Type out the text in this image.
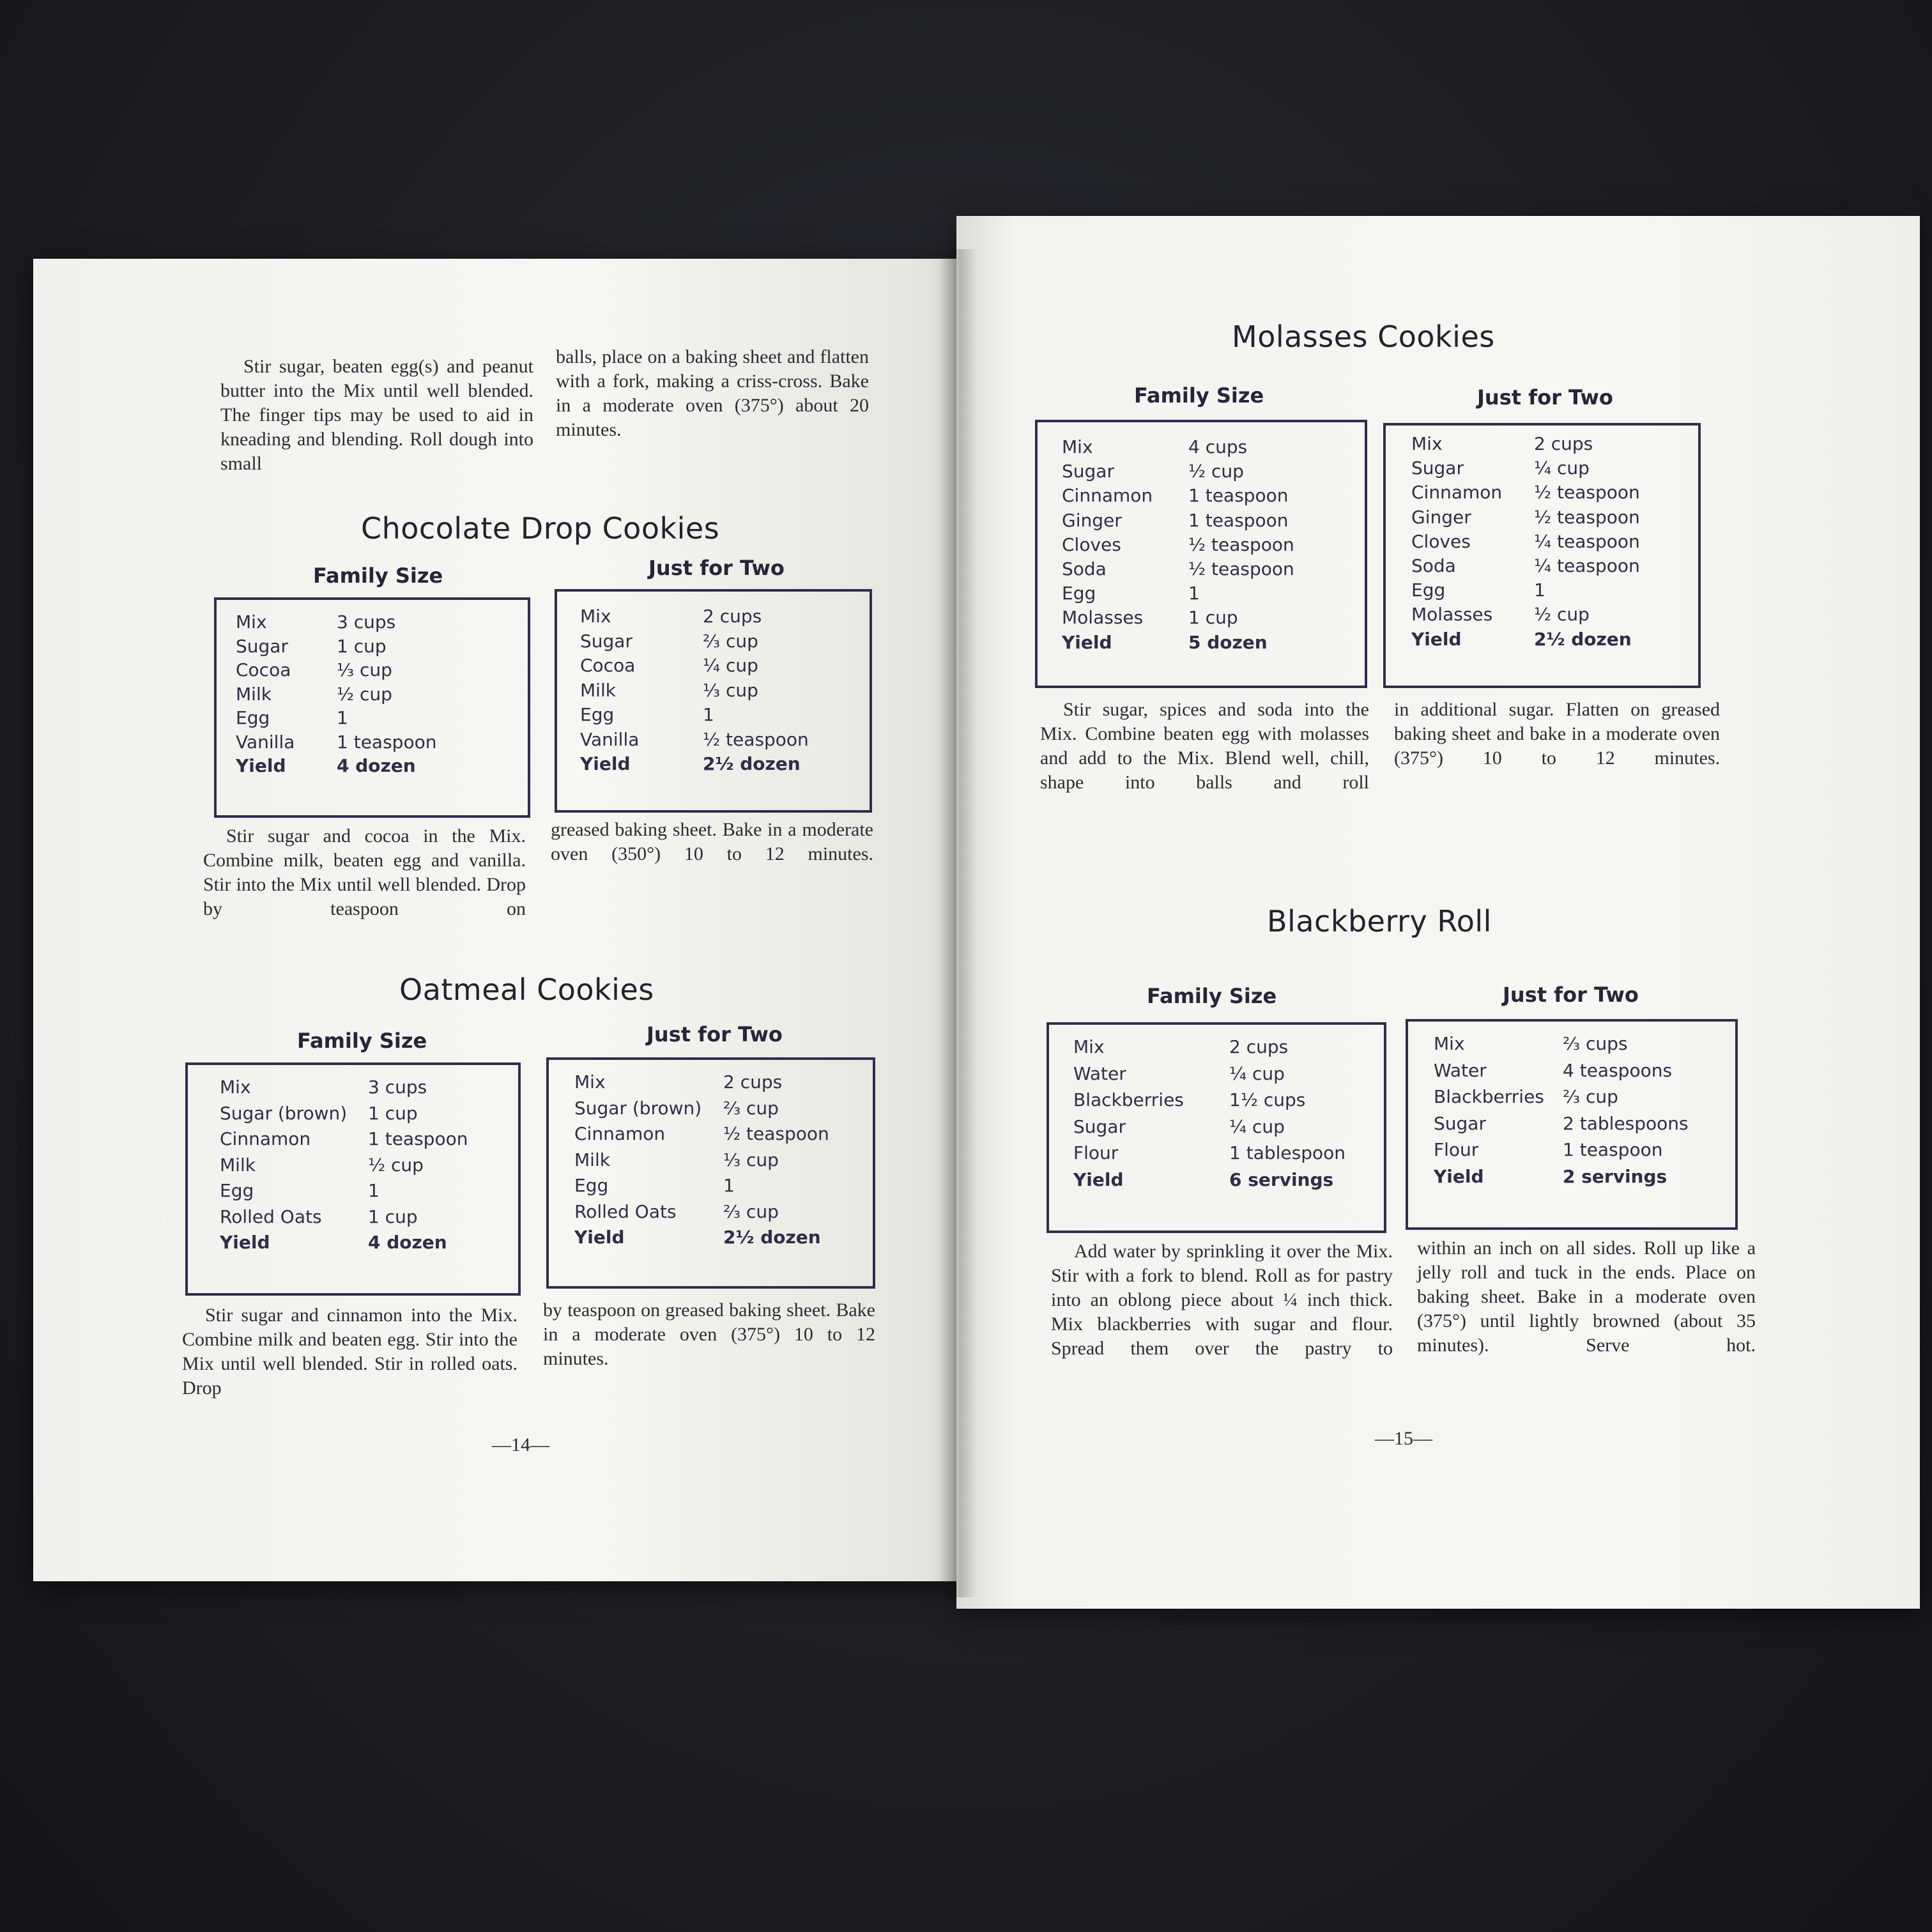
Stir sugar, beaten egg(s) and peanut butter into the Mix until well blended. The finger tips may be used to aid in kneading and blending. Roll dough into small
balls, place on a baking sheet and flatten with a fork, making a criss-cross. Bake in a moderate oven (375°) about 20 minutes.
Chocolate Drop Cookies
Family Size	Just for Two
Mix	3 cups
Sugar	1 cup
Cocoa	⅓ cup
Milk	½ cup
Egg	1
Vanilla 1 teaspoon
Yield	4 dozen
Mix	2 cups
Sugar	⅔ cup
Cocoa	¼ cup
Milk	⅓ cup
Egg	1
Vanilla	½ teaspoon
Yield	2½ dozen
Stir sugar and cocoa in the Mix. Combine milk, beaten egg and vanilla. Stir into the Mix until well blended. Drop by teaspoon on
greased baking sheet. Bake in a moderate oven (350°) 10 to 12 minutes.
Oatmeal Cookies
Family Size	Just for Two
Mix	3 cups
Sugar (brown) 1 cup
Cinnamon	1 teaspoon
Milk	½ cup
Egg	1
Rolled Oats	1 cup
Yield	4 dozen
Mix	2 cups
Sugar (brown) ⅔ cup
Cinnamon	½ teaspoon
Milk	⅓ cup
Egg	1
Rolled Oats	⅔ cup
Yield	2½ dozen
Stir sugar and cinnamon into the Mix. Combine milk and beaten egg. Stir into the Mix until well blended. Stir in rolled oats. Drop
by teaspoon on greased baking sheet. Bake in a moderate oven (375°) 10 to 12 minutes.
—14—
Molasses Cookies
Family Size	Just for Two
Mix	4 cups
Sugar	½ cup
Cinnamon 1 teaspoon
Ginger	1 teaspoon
Cloves	½ teaspoon
Soda	½ teaspoon
Egg	1
Molasses	1 cup
Yield	5 dozen
Mix	2 cups
Sugar	¼ cup
Cinnamon ½ teaspoon
Ginger	½ teaspoon
Cloves	¼ teaspoon
Soda	¼ teaspoon
Egg	1
Molasses ½ cup
Yield	2½ dozen
Stir sugar, spices and soda into the Mix. Combine beaten egg with molasses and add to the Mix. Blend well, chill, shape into balls and roll
in additional sugar. Flatten on greased baking sheet and bake in a moderate oven (375°) 10 to 12 minutes.
Blackberry Roll
Family Size	Just for Two
Mix	2 cups
Water	¼ cup
Blackberries	1½ cups
Sugar	¼ cup
Flour	1 tablespoon
Yield	6 servings
Mix	⅔ cups
Water	4 teaspoons
Blackberries ⅔ cup
Sugar	2 tablespoons
Flour	1 teaspoon
Yield	2 servings
Add water by sprinkling it over the Mix. Stir with a fork to blend. Roll as for pastry into an oblong piece about ¼ inch thick. Mix blackberries with sugar and flour. Spread them over the pastry to
within an inch on all sides. Roll up like a jelly roll and tuck in the ends. Place on baking sheet. Bake in a moderate oven (375°) until lightly browned (about 35 minutes). Serve hot.
—15—
